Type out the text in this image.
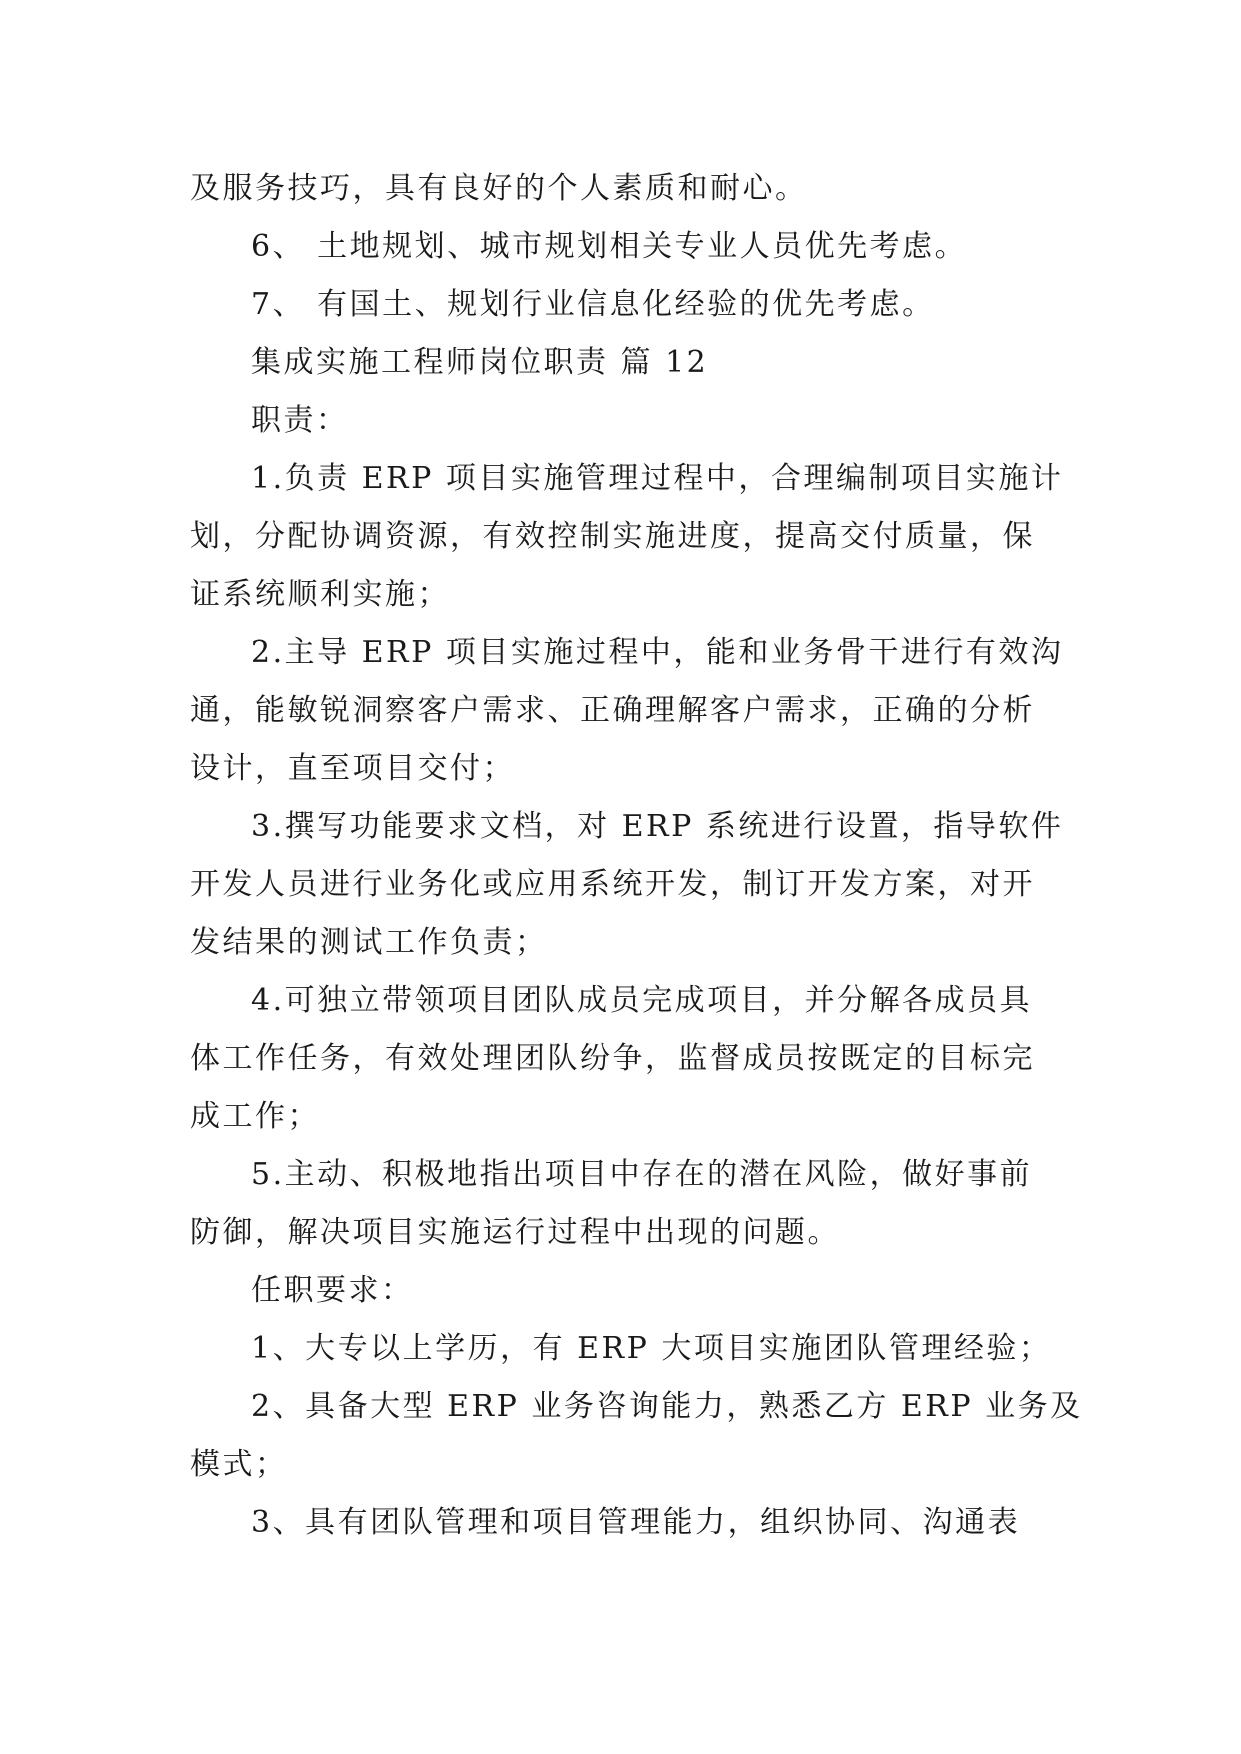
及服务技巧，具有良好的个人素质和耐心。

6、 土地规划、城市规划相关专业人员优先考虑。

7、 有国土、规划行业信息化经验的优先考虑。

集成实施工程师岗位职责 篇 12

职责：

1.负责 ERP 项目实施管理过程中，合理编制项目实施计
划，分配协调资源，有效控制实施进度，提高交付质量，保
证系统顺利实施；

2.主导 ERP 项目实施过程中，能和业务骨干进行有效沟
通，能敏锐洞察客户需求、正确理解客户需求，正确的分析
设计，直至项目交付；

3.撰写功能要求文档，对 ERP 系统进行设置，指导软件
开发人员进行业务化或应用系统开发，制订开发方案，对开
发结果的测试工作负责；

4.可独立带领项目团队成员完成项目，并分解各成员具
体工作任务，有效处理团队纷争，监督成员按既定的目标完
成工作；

5.主动、积极地指出项目中存在的潜在风险，做好事前
防御，解决项目实施运行过程中出现的问题。

任职要求：

1、大专以上学历，有 ERP 大项目实施团队管理经验；

2、具备大型 ERP 业务咨询能力，熟悉乙方 ERP 业务及
模式；

3、具有团队管理和项目管理能力，组织协同、沟通表
